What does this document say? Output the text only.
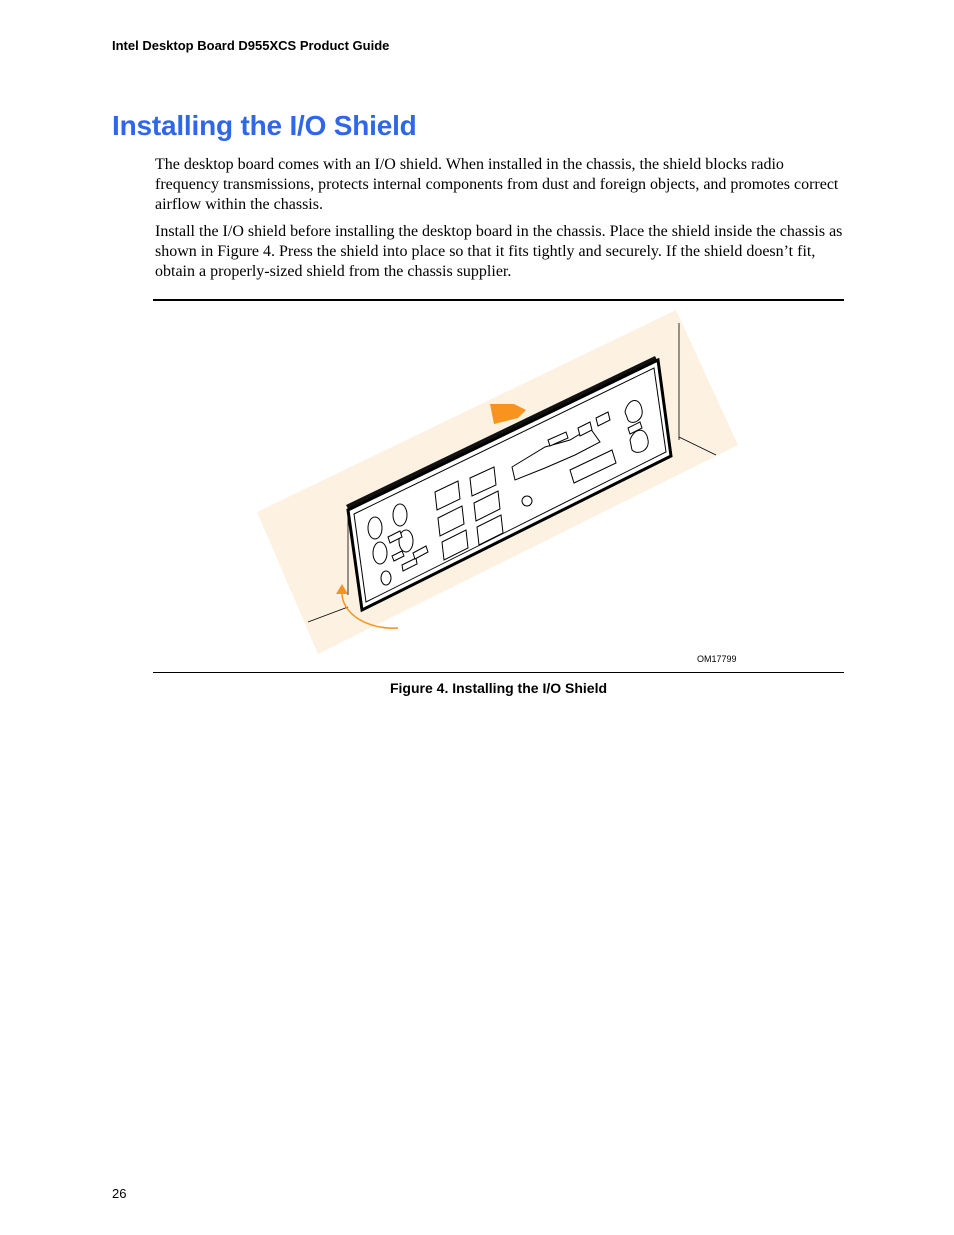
Intel Desktop Board D955XCS Product Guide
Installing the I/O Shield

The desktop board comes with an I/O shield. When installed in the chassis, the shield blocks radio frequency transmissions, protects internal components from dust and foreign objects, and promotes correct airflow within the chassis.

Install the I/O shield before installing the desktop board in the chassis. Place the shield inside the chassis as shown in Figure 4. Press the shield into place so that it fits tightly and securely. If the shield doesn’t fit, obtain a properly-sized shield from the chassis supplier.

OM17799
Figure 4. Installing the I/O Shield
26
